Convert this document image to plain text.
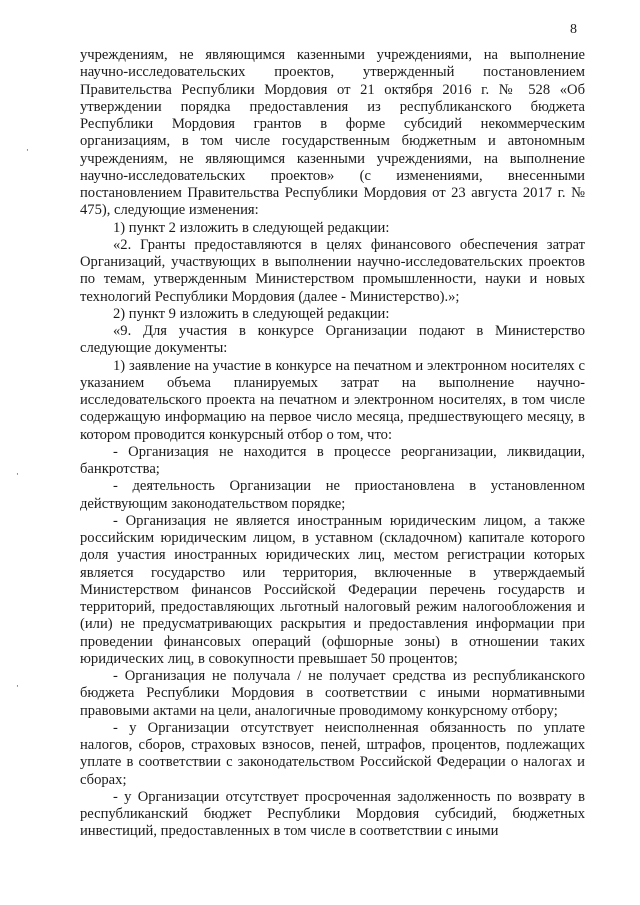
8

учреждениям, не являющимся казенными учреждениями, на выполнение научно-исследовательских проектов, утвержденный постановлением Правительства Республики Мордовия от 21 октября 2016 г. № 528 «Об утверждении порядка предоставления из республиканского бюджета Республики Мордовия грантов в форме субсидий некоммерческим организациям, в том числе государственным бюджетным и автономным учреждениям, не являющимся казенными учреждениями, на выполнение научно-исследовательских проектов» (с изменениями, внесенными постановлением Правительства Республики Мордовия от 23 августа 2017 г. № 475), следующие изменения:

1) пункт 2 изложить в следующей редакции:

«2. Гранты предоставляются в целях финансового обеспечения затрат Организаций, участвующих в выполнении научно-исследовательских проектов по темам, утвержденным Министерством промышленности, науки и новых технологий Республики Мордовия (далее - Министерство).»;

2) пункт 9 изложить в следующей редакции:

«9. Для участия в конкурсе Организации подают в Министерство следующие документы:

1) заявление на участие в конкурсе на печатном и электронном носителях с указанием объема планируемых затрат на выполнение научно-исследовательского проекта на печатном и электронном носителях, в том числе содержащую информацию на первое число месяца, предшествующего месяцу, в котором проводится конкурсный отбор о том, что:

- Организация не находится в процессе реорганизации, ликвидации, банкротства;

- деятельность Организации не приостановлена в установленном действующим законодательством порядке;

- Организация не является иностранным юридическим лицом, а также российским юридическим лицом, в уставном (складочном) капитале которого доля участия иностранных юридических лиц, местом регистрации которых является государство или территория, включенные в утверждаемый Министерством финансов Российской Федерации перечень государств и территорий, предоставляющих льготный налоговый режим налогообложения и (или) не предусматривающих раскрытия и предоставления информации при проведении финансовых операций (офшорные зоны) в отношении таких юридических лиц, в совокупности превышает 50 процентов;

- Организация не получала / не получает средства из республиканского бюджета Республики Мордовия в соответствии с иными нормативными правовыми актами на цели, аналогичные проводимому конкурсному отбору;

- у Организации отсутствует неисполненная обязанность по уплате налогов, сборов, страховых взносов, пеней, штрафов, процентов, подлежащих уплате в соответствии с законодательством Российской Федерации о налогах и сборах;

- у Организации отсутствует просроченная задолженность по возврату в республиканский бюджет Республики Мордовия субсидий, бюджетных инвестиций, предоставленных в том числе в соответствии с иными

·
·
·
